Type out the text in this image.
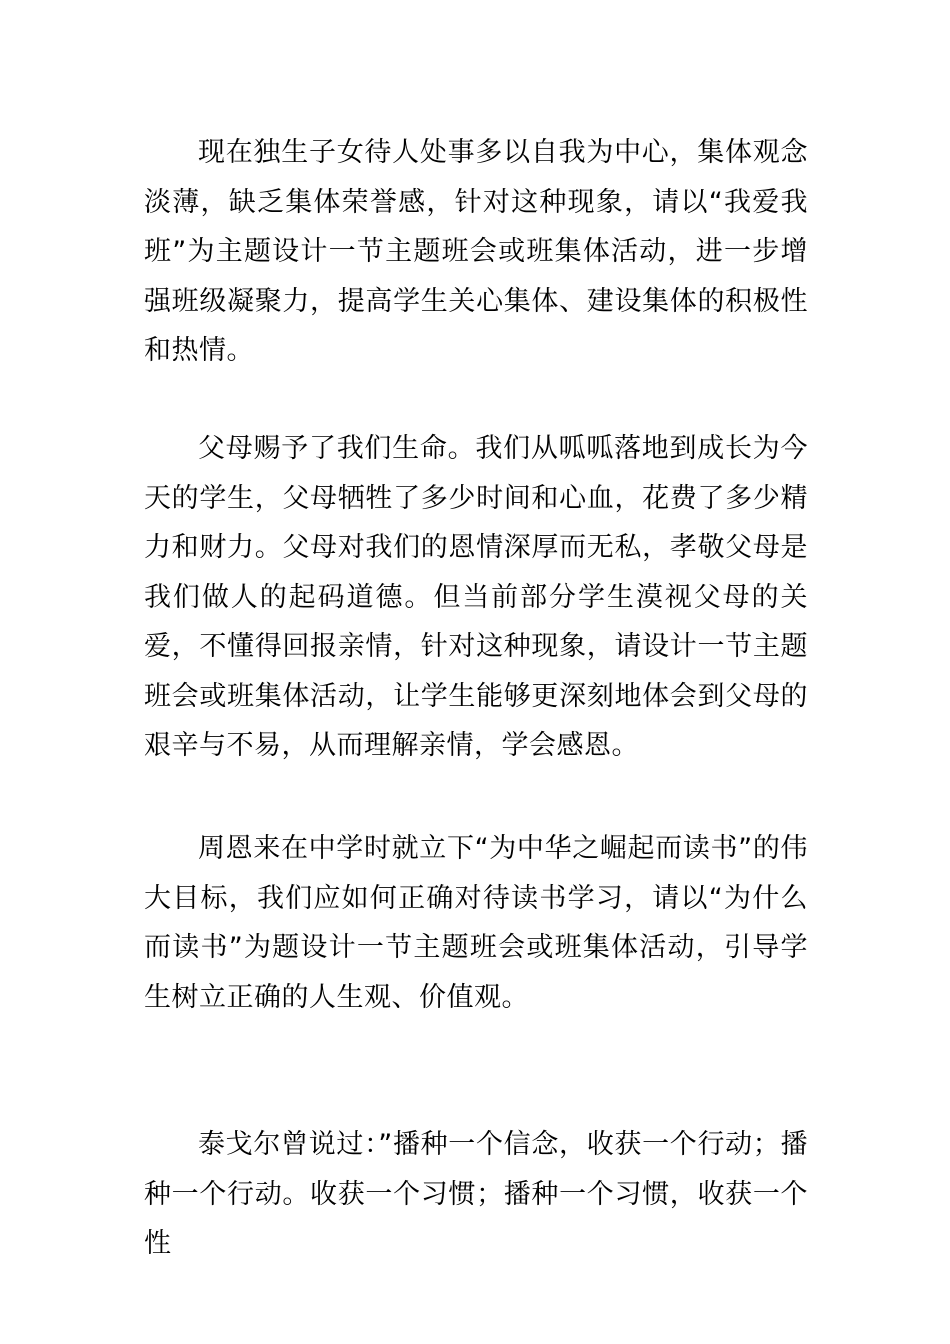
现在独生子女待人处事多以自我为中心，集体观念淡薄，缺乏集体荣誉感，针对这种现象，请以“我爱我班”为主题设计一节主题班会或班集体活动，进一步增强班级凝聚力，提高学生关心集体、建设集体的积极性和热情。

父母赐予了我们生命。我们从呱呱落地到成长为今天的学生，父母牺牲了多少时间和心血，花费了多少精力和财力。父母对我们的恩情深厚而无私，孝敬父母是我们做人的起码道德。但当前部分学生漠视父母的关爱，不懂得回报亲情，针对这种现象，请设计一节主题班会或班集体活动，让学生能够更深刻地体会到父母的艰辛与不易，从而理解亲情，学会感恩。

周恩来在中学时就立下“为中华之崛起而读书”的伟大目标，我们应如何正确对待读书学习，请以“为什么而读书”为题设计一节主题班会或班集体活动，引导学生树立正确的人生观、价值观。

泰戈尔曾说过：”播种一个信念，收获一个行动；播种一个行动。收获一个习惯；播种一个习惯，收获一个性
